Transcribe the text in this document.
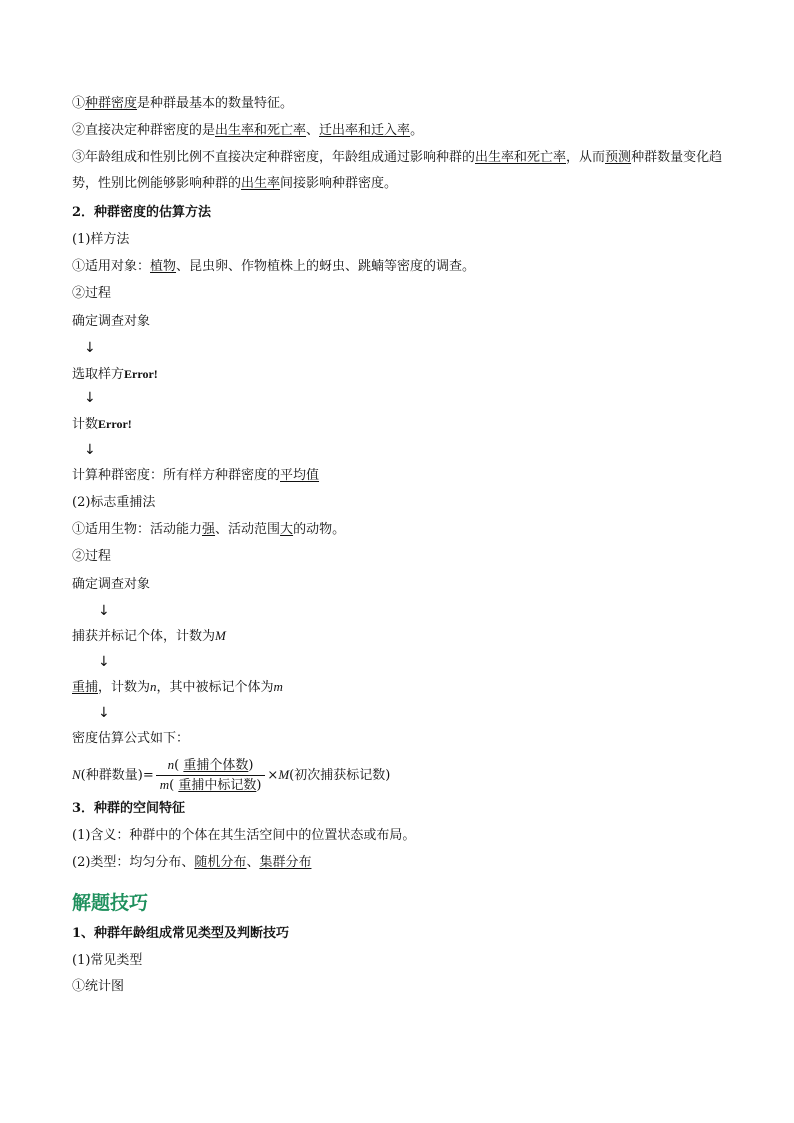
①种群密度是种群最基本的数量特征。
②直接决定种群密度的是出生率和死亡率、迁出率和迁入率。
③年龄组成和性别比例不直接决定种群密度，年龄组成通过影响种群的出生率和死亡率，从而预测种群数量变化趋势，性别比例能够影响种群的出生率间接影响种群密度。
2．种群密度的估算方法
(1)样方法
①适用对象：植物、昆虫卵、作物植株上的蚜虫、跳蝻等密度的调查。
②过程
确定调查对象
↓
选取样方Error!
↓
计数Error!
↓
计算种群密度：所有样方种群密度的平均值
(2)标志重捕法
①适用生物：活动能力强、活动范围大的动物。
②过程
确定调查对象
↓
捕获并标记个体，计数为M
↓
重捕，计数为n，其中被标记个体为m
↓
密度估算公式如下：
N(种群数量)= $\frac{\text{n( 重捕个体数)}}{\text{m( 重捕中标记数)}} \times M$(初次捕获标记数)
3．种群的空间特征
(1)含义：种群中的个体在其生活空间中的位置状态或布局。
(2)类型：均匀分布、随机分布、集群分布
解题技巧
1、种群年龄组成常见类型及判断技巧
(1)常见类型
①统计图
